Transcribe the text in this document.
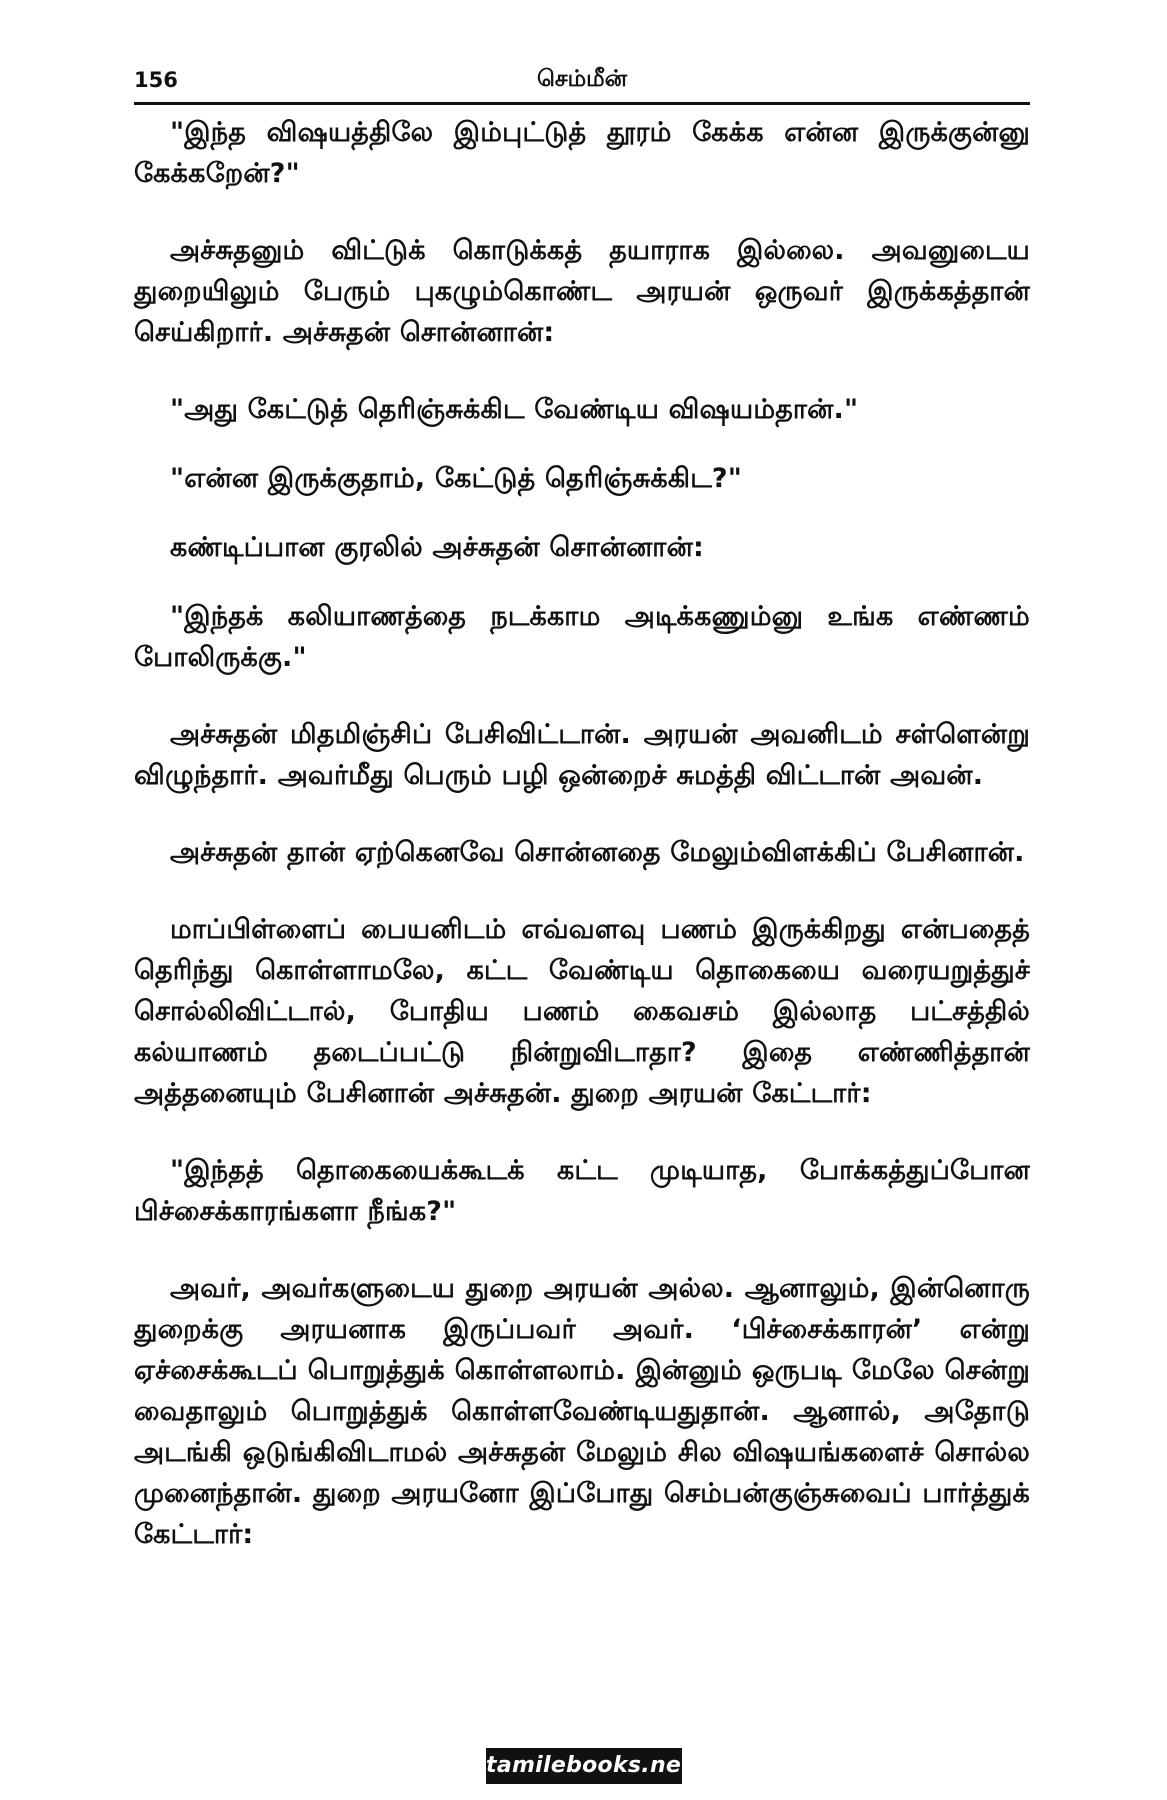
156	செம்மீன்

"இந்த விஷயத்திலே இம்புட்டுத் தூரம் கேக்க என்ன இருக்குன்னு கேக்கறேன்?"

அச்சுதனும் விட்டுக் கொடுக்கத் தயாராக இல்லை. அவனுடைய துறையிலும் பேரும் புகழும்கொண்ட அரயன் ஒருவர் இருக்கத்தான் செய்கிறார். அச்சுதன் சொன்னான்:

"அது கேட்டுத் தெரிஞ்சுக்கிட வேண்டிய விஷயம்தான்."

"என்ன இருக்குதாம், கேட்டுத் தெரிஞ்சுக்கிட?"

கண்டிப்பான குரலில் அச்சுதன் சொன்னான்:

"இந்தக் கலியாணத்தை நடக்காம அடிக்கணும்னு உங்க எண்ணம் போலிருக்கு."

அச்சுதன் மிதமிஞ்சிப் பேசிவிட்டான். அரயன் அவனிடம் சள்ளென்று விழுந்தார். அவர்மீது பெரும் பழி ஒன்றைச் சுமத்தி விட்டான் அவன்.

அச்சுதன் தான் ஏற்கெனவே சொன்னதை மேலும்விளக்கிப் பேசினான்.

மாப்பிள்ளைப் பையனிடம் எவ்வளவு பணம் இருக்கிறது என்பதைத் தெரிந்து கொள்ளாமலே, கட்ட வேண்டிய தொகையை வரையறுத்துச் சொல்லிவிட்டால், போதிய பணம் கைவசம் இல்லாத பட்சத்தில் கல்யாணம் தடைப்பட்டு நின்றுவிடாதா? இதை எண்ணித்தான் அத்தனையும் பேசினான் அச்சுதன். துறை அரயன் கேட்டார்:

"இந்தத் தொகையைக்கூடக் கட்ட முடியாத, போக்கத்துப்போன பிச்சைக்காரங்களா நீங்க?"

அவர், அவர்களுடைய துறை அரயன் அல்ல. ஆனாலும், இன்னொரு துறைக்கு அரயனாக இருப்பவர் அவர். ‘பிச்சைக்காரன்’ என்று ஏச்சைக்கூடப் பொறுத்துக் கொள்ளலாம். இன்னும் ஒருபடி மேலே சென்று வைதாலும் பொறுத்துக் கொள்ளவேண்டியதுதான். ஆனால், அதோடு அடங்கி ஒடுங்கிவிடாமல் அச்சுதன் மேலும் சில விஷயங்களைச் சொல்ல முனைந்தான். துறை அரயனோ இப்போது செம்பன்குஞ்சுவைப் பார்த்துக் கேட்டார்:

tamilebooks.net
